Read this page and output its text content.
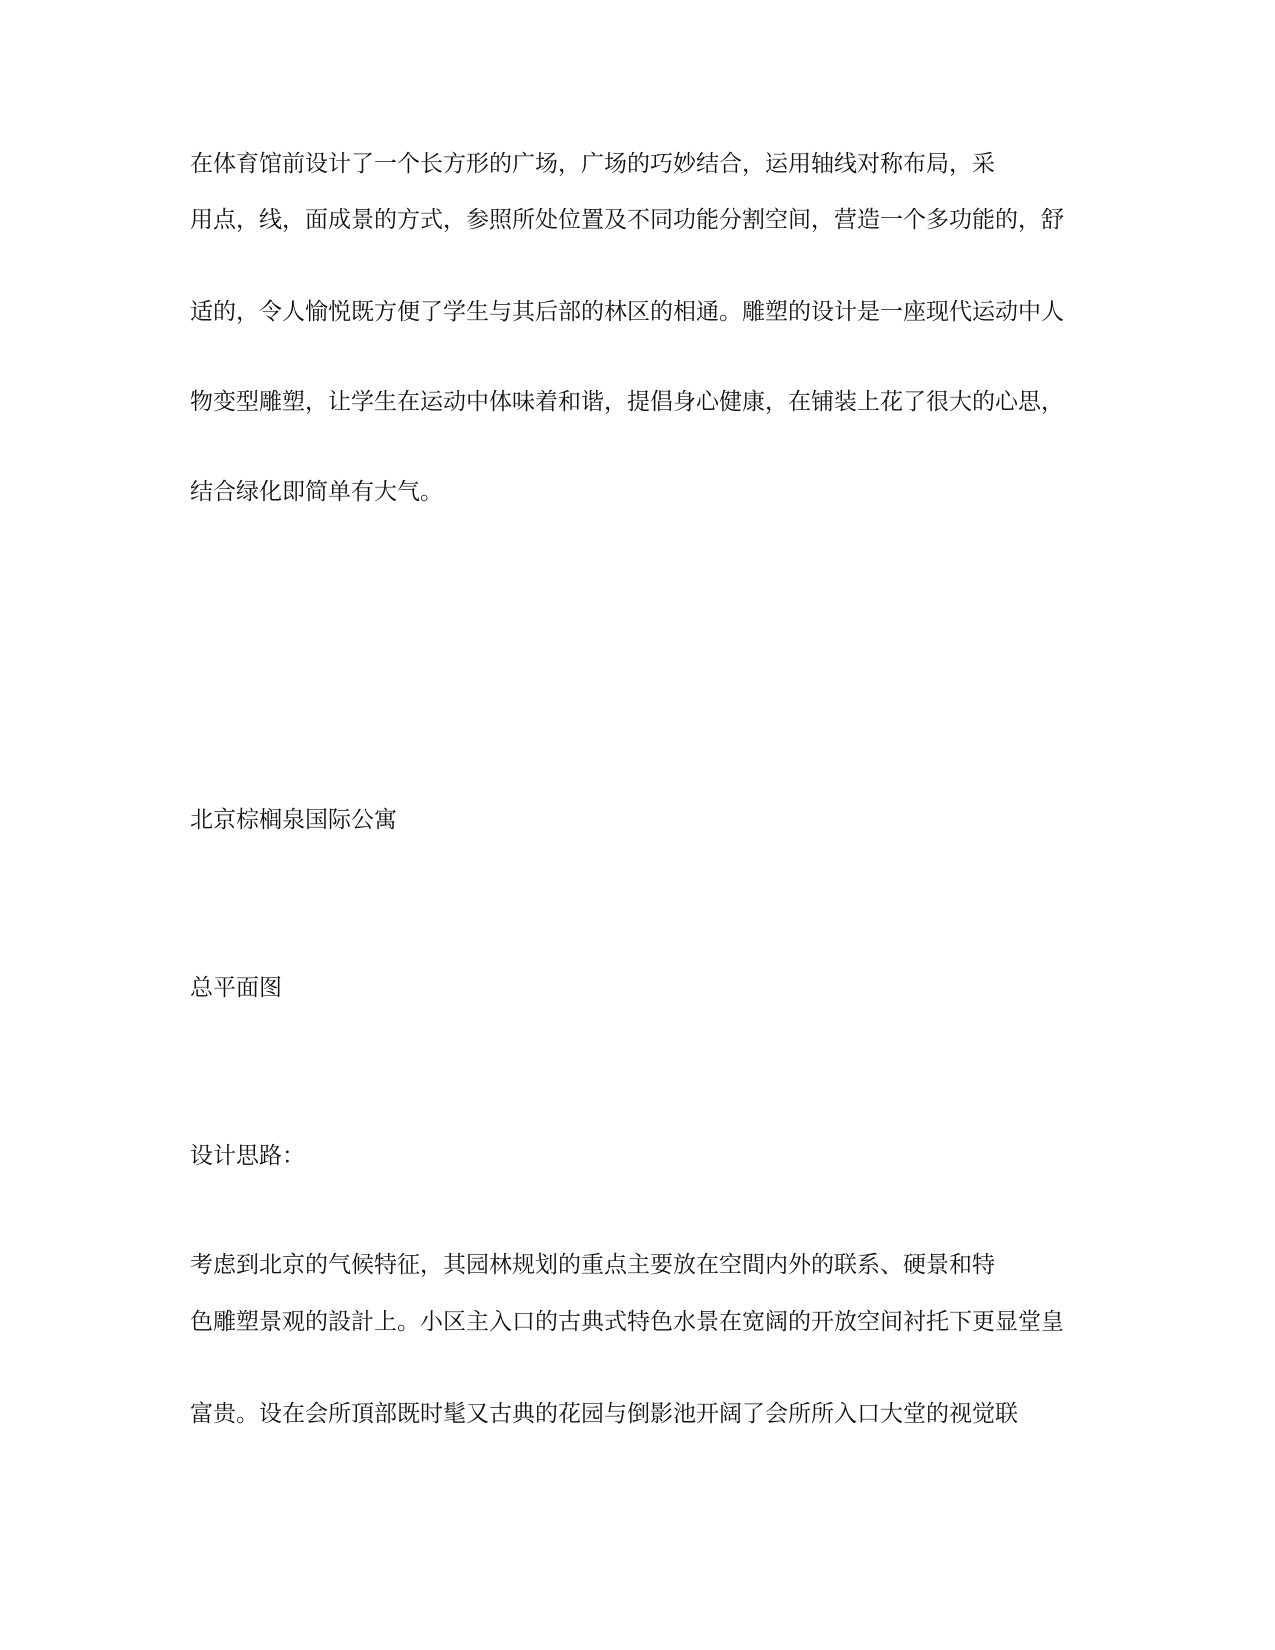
在体育馆前设计了一个长方形的广场，广场的巧妙结合，运用轴线对称布局，采
用点，线，面成景的方式，参照所处位置及不同功能分割空间，营造一个多功能的，舒
适的，令人愉悦既方便了学生与其后部的林区的相通。雕塑的设计是一座现代运动中人
物变型雕塑，让学生在运动中体味着和谐，提倡身心健康，在铺装上花了很大的心思，
结合绿化即简单有大气。
北京棕榈泉国际公寓
总平面图
设计思路：
考虑到北京的气候特征，其园林规划的重点主要放在空間内外的联系、硬景和特
色雕塑景观的設計上。小区主入口的古典式特色水景在宽阔的开放空间衬托下更显堂皇
富贵。设在会所頂部既时髦又古典的花园与倒影池开阔了会所所入口大堂的视觉联
